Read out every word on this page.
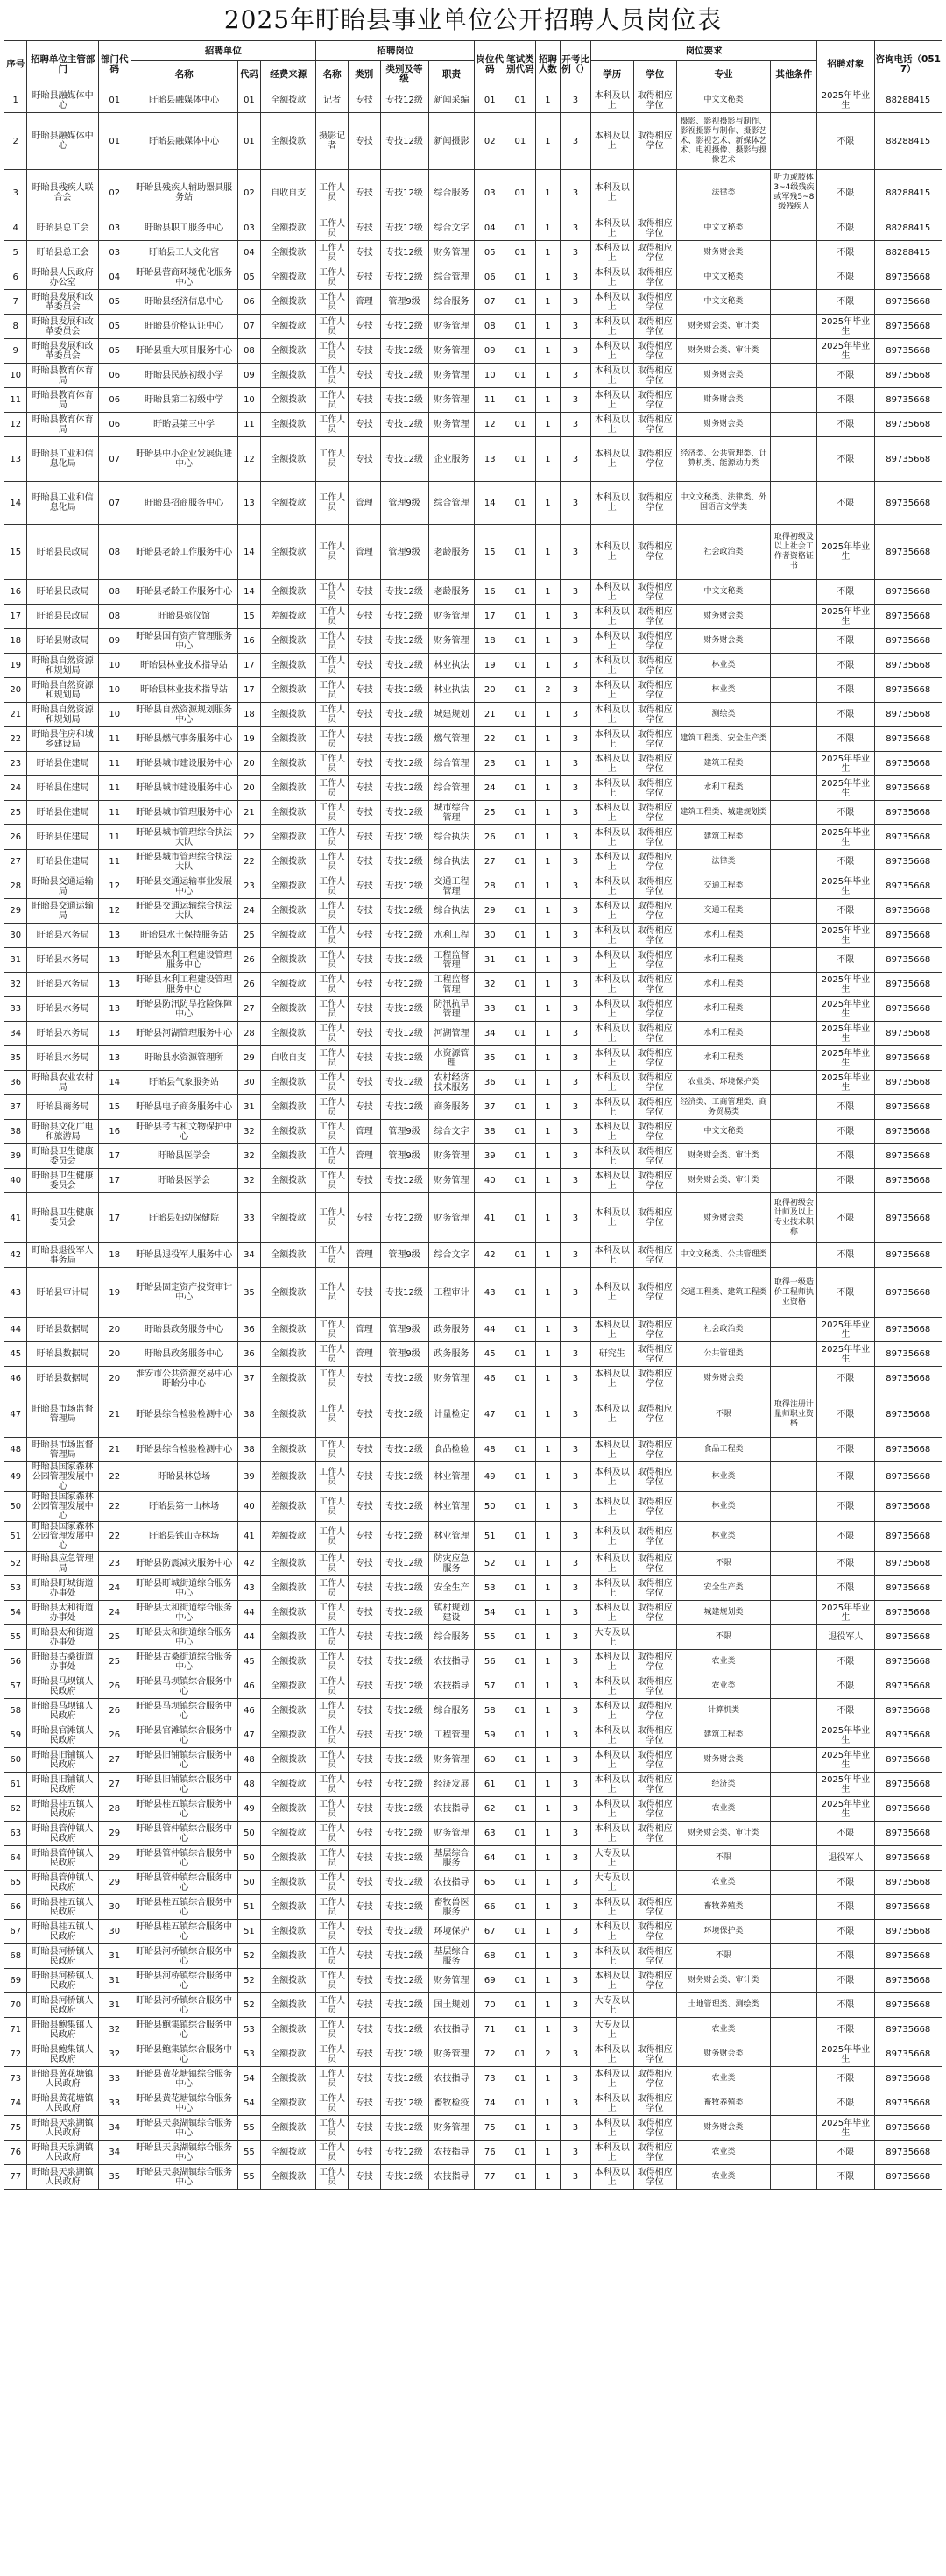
2025年盱眙县事业单位公开招聘人员岗位表
序号	招聘单位主管部门	部门代码	招聘单位			招聘岗位				岗位代码	笔试类别代码	招聘人数	开考比例（）	岗位要求				招聘对象	咨询电话（0517）
			名称	代码	经费来源	名称	类别	类别及等级	职责					学历	学位	专业	其他条件		
1	盱眙县融媒体中心	01	盱眙县融媒体中心	01	全额拨款	记者	专技	专技12级	新闻采编	01	01	1	3	本科及以上	取得相应学位	中文文秘类		2025年毕业生	88288415
2	盱眙县融媒体中心	01	盱眙县融媒体中心	01	全额拨款	摄影记者	专技	专技12级	新闻摄影	02	01	1	3	本科及以上	取得相应学位	摄影、影视摄影与制作、影视摄影与制作、摄影艺术、影视艺术、新媒体艺术、电视摄像、摄影与摄像艺术		不限	88288415
3	盱眙县残疾人联合会	02	盱眙县残疾人辅助器具服务站	02	自收自支	工作人员	专技	专技12级	综合服务	03	01	1	3	本科及以上		法律类	听力或肢体3~4级残疾或军残5~8级残疾人	不限	88288415
4	盱眙县总工会	03	盱眙县职工服务中心	03	全额拨款	工作人员	专技	专技12级	综合文字	04	01	1	3	本科及以上	取得相应学位	中文文秘类		不限	88288415
5	盱眙县总工会	03	盱眙县工人文化宫	04	全额拨款	工作人员	专技	专技12级	财务管理	05	01	1	3	本科及以上	取得相应学位	财务财会类		不限	88288415
6	盱眙县人民政府办公室	04	盱眙县营商环境优化服务中心	05	全额拨款	工作人员	专技	专技12级	综合管理	06	01	1	3	本科及以上	取得相应学位	中文文秘类		不限	89735668
7	盱眙县发展和改革委员会	05	盱眙县经济信息中心	06	全额拨款	工作人员	管理	管理9级	综合服务	07	01	1	3	本科及以上	取得相应学位	中文文秘类		不限	89735668
8	盱眙县发展和改革委员会	05	盱眙县价格认证中心	07	全额拨款	工作人员	专技	专技12级	财务管理	08	01	1	3	本科及以上	取得相应学位	财务财会类、审计类		2025年毕业生	89735668
9	盱眙县发展和改革委员会	05	盱眙县重大项目服务中心	08	全额拨款	工作人员	专技	专技12级	财务管理	09	01	1	3	本科及以上	取得相应学位	财务财会类、审计类		2025年毕业生	89735668
10	盱眙县教育体育局	06	盱眙县民族初级小学	09	全额拨款	工作人员	专技	专技12级	财务管理	10	01	1	3	本科及以上	取得相应学位	财务财会类		不限	89735668
11	盱眙县教育体育局	06	盱眙县第二初级中学	10	全额拨款	工作人员	专技	专技12级	财务管理	11	01	1	3	本科及以上	取得相应学位	财务财会类		不限	89735668
12	盱眙县教育体育局	06	盱眙县第三中学	11	全额拨款	工作人员	专技	专技12级	财务管理	12	01	1	3	本科及以上	取得相应学位	财务财会类		不限	89735668
13	盱眙县工业和信息化局	07	盱眙县中小企业发展促进中心	12	全额拨款	工作人员	专技	专技12级	企业服务	13	01	1	3	本科及以上	取得相应学位	经济类、公共管理类、计算机类、能源动力类		不限	89735668
14	盱眙县工业和信息化局	07	盱眙县招商服务中心	13	全额拨款	工作人员	管理	管理9级	综合管理	14	01	1	3	本科及以上	取得相应学位	中文文秘类、法律类、外国语言文学类		不限	89735668
15	盱眙县民政局	08	盱眙县老龄工作服务中心	14	全额拨款	工作人员	管理	管理9级	老龄服务	15	01	1	3	本科及以上	取得相应学位	社会政治类	取得初级及以上社会工作者资格证书	2025年毕业生	89735668
16	盱眙县民政局	08	盱眙县老龄工作服务中心	14	全额拨款	工作人员	专技	专技12级	老龄服务	16	01	1	3	本科及以上	取得相应学位	中文文秘类		不限	89735668
17	盱眙县民政局	08	盱眙县殡仪馆	15	差额拨款	工作人员	专技	专技12级	财务管理	17	01	1	3	本科及以上	取得相应学位	财务财会类		2025年毕业生	89735668
18	盱眙县财政局	09	盱眙县国有资产管理服务中心	16	全额拨款	工作人员	专技	专技12级	财务管理	18	01	1	3	本科及以上	取得相应学位	财务财会类		不限	89735668
19	盱眙县自然资源和规划局	10	盱眙县林业技术指导站	17	全额拨款	工作人员	专技	专技12级	林业执法	19	01	1	3	本科及以上	取得相应学位	林业类		不限	89735668
20	盱眙县自然资源和规划局	10	盱眙县林业技术指导站	17	全额拨款	工作人员	专技	专技12级	林业执法	20	01	2	3	本科及以上	取得相应学位	林业类		不限	89735668
21	盱眙县自然资源和规划局	10	盱眙县自然资源规划服务中心	18	全额拨款	工作人员	专技	专技12级	城建规划	21	01	1	3	本科及以上	取得相应学位	测绘类		不限	89735668
22	盱眙县住房和城乡建设局	11	盱眙县燃气事务服务中心	19	全额拨款	工作人员	专技	专技12级	燃气管理	22	01	1	3	本科及以上	取得相应学位	建筑工程类、安全生产类		不限	89735668
23	盱眙县住建局	11	盱眙县城市建设服务中心	20	全额拨款	工作人员	专技	专技12级	综合管理	23	01	1	3	本科及以上	取得相应学位	建筑工程类		2025年毕业生	89735668
24	盱眙县住建局	11	盱眙县城市建设服务中心	20	全额拨款	工作人员	专技	专技12级	综合管理	24	01	1	3	本科及以上	取得相应学位	水利工程类		2025年毕业生	89735668
25	盱眙县住建局	11	盱眙县城市管理服务中心	21	全额拨款	工作人员	专技	专技12级	城市综合管理	25	01	1	3	本科及以上	取得相应学位	建筑工程类、城建规划类		不限	89735668
26	盱眙县住建局	11	盱眙县城市管理综合执法大队	22	全额拨款	工作人员	专技	专技12级	综合执法	26	01	1	3	本科及以上	取得相应学位	建筑工程类		2025年毕业生	89735668
27	盱眙县住建局	11	盱眙县城市管理综合执法大队	22	全额拨款	工作人员	专技	专技12级	综合执法	27	01	1	3	本科及以上	取得相应学位	法律类		不限	89735668
28	盱眙县交通运输局	12	盱眙县交通运输事业发展中心	23	全额拨款	工作人员	专技	专技12级	交通工程管理	28	01	1	3	本科及以上	取得相应学位	交通工程类		2025年毕业生	89735668
29	盱眙县交通运输局	12	盱眙县交通运输综合执法大队	24	全额拨款	工作人员	专技	专技12级	综合执法	29	01	1	3	本科及以上	取得相应学位	交通工程类		不限	89735668
30	盱眙县水务局	13	盱眙县水土保持服务站	25	全额拨款	工作人员	专技	专技12级	水利工程	30	01	1	3	本科及以上	取得相应学位	水利工程类		2025年毕业生	89735668
31	盱眙县水务局	13	盱眙县水利工程建设管理服务中心	26	全额拨款	工作人员	专技	专技12级	工程监督管理	31	01	1	3	本科及以上	取得相应学位	水利工程类		不限	89735668
32	盱眙县水务局	13	盱眙县水利工程建设管理服务中心	26	全额拨款	工作人员	专技	专技12级	工程监督管理	32	01	1	3	本科及以上	取得相应学位	水利工程类		2025年毕业生	89735668
33	盱眙县水务局	13	盱眙县防汛防旱抢险保障中心	27	全额拨款	工作人员	专技	专技12级	防汛抗旱管理	33	01	1	3	本科及以上	取得相应学位	水利工程类		2025年毕业生	89735668
34	盱眙县水务局	13	盱眙县河湖管理服务中心	28	全额拨款	工作人员	专技	专技12级	河湖管理	34	01	1	3	本科及以上	取得相应学位	水利工程类		2025年毕业生	89735668
35	盱眙县水务局	13	盱眙县水资源管理所	29	自收自支	工作人员	专技	专技12级	水资源管理	35	01	1	3	本科及以上	取得相应学位	水利工程类		2025年毕业生	89735668
36	盱眙县农业农村局	14	盱眙县气象服务站	30	全额拨款	工作人员	专技	专技12级	农村经济技术服务	36	01	1	3	本科及以上	取得相应学位	农业类、环境保护类		2025年毕业生	89735668
37	盱眙县商务局	15	盱眙县电子商务服务中心	31	全额拨款	工作人员	专技	专技12级	商务服务	37	01	1	3	本科及以上	取得相应学位	经济类、工商管理类、商务贸易类		不限	89735668
38	盱眙县文化广电和旅游局	16	盱眙县考古和文物保护中心	32	全额拨款	工作人员	管理	管理9级	综合文字	38	01	1	3	本科及以上	取得相应学位	中文文秘类		不限	89735668
39	盱眙县卫生健康委员会	17	盱眙县医学会	32	全额拨款	工作人员	管理	管理9级	财务管理	39	01	1	3	本科及以上	取得相应学位	财务财会类、审计类		不限	89735668
40	盱眙县卫生健康委员会	17	盱眙县医学会	32	全额拨款	工作人员	专技	专技12级	财务管理	40	01	1	3	本科及以上	取得相应学位	财务财会类、审计类		不限	89735668
41	盱眙县卫生健康委员会	17	盱眙县妇幼保健院	33	全额拨款	工作人员	专技	专技12级	财务管理	41	01	1	3	本科及以上	取得相应学位	财务财会类	取得初级会计师及以上专业技术职称	不限	89735668
42	盱眙县退役军人事务局	18	盱眙县退役军人服务中心	34	全额拨款	工作人员	管理	管理9级	综合文字	42	01	1	3	本科及以上	取得相应学位	中文文秘类、公共管理类		不限	89735668
43	盱眙县审计局	19	盱眙县固定资产投资审计中心	35	全额拨款	工作人员	专技	专技12级	工程审计	43	01	1	3	本科及以上	取得相应学位	交通工程类、建筑工程类	取得一级造价工程师执业资格	不限	89735668
44	盱眙县数据局	20	盱眙县政务服务中心	36	全额拨款	工作人员	管理	管理9级	政务服务	44	01	1	3	本科及以上	取得相应学位	社会政治类		2025年毕业生	89735668
45	盱眙县数据局	20	盱眙县政务服务中心	36	全额拨款	工作人员	管理	管理9级	政务服务	45	01	1	3	研究生	取得相应学位	公共管理类		2025年毕业生	89735668
46	盱眙县数据局	20	淮安市公共资源交易中心盱眙分中心	37	全额拨款	工作人员	专技	专技12级	财务管理	46	01	1	3	本科及以上	取得相应学位	财务财会类		不限	89735668
47	盱眙县市场监督管理局	21	盱眙县综合检验检测中心	38	全额拨款	工作人员	专技	专技12级	计量检定	47	01	1	3	本科及以上	取得相应学位	不限	取得注册计量师职业资格	不限	89735668
48	盱眙县市场监督管理局	21	盱眙县综合检验检测中心	38	全额拨款	工作人员	专技	专技12级	食品检验	48	01	1	3	本科及以上	取得相应学位	食品工程类		不限	89735668
49	盱眙县国家森林公园管理发展中心	22	盱眙县林总场	39	差额拨款	工作人员	专技	专技12级	林业管理	49	01	1	3	本科及以上	取得相应学位	林业类		不限	89735668
50	盱眙县国家森林公园管理发展中心	22	盱眙县第一山林场	40	差额拨款	工作人员	专技	专技12级	林业管理	50	01	1	3	本科及以上	取得相应学位	林业类		不限	89735668
51	盱眙县国家森林公园管理发展中心	22	盱眙县铁山寺林场	41	差额拨款	工作人员	专技	专技12级	林业管理	51	01	1	3	本科及以上	取得相应学位	林业类		不限	89735668
52	盱眙县应急管理局	23	盱眙县防震减灾服务中心	42	全额拨款	工作人员	专技	专技12级	防灾应急服务	52	01	1	3	本科及以上	取得相应学位	不限		不限	89735668
53	盱眙县盱城街道办事处	24	盱眙县盱城街道综合服务中心	43	全额拨款	工作人员	专技	专技12级	安全生产	53	01	1	3	本科及以上	取得相应学位	安全生产类		不限	89735668
54	盱眙县太和街道办事处	24	盱眙县太和街道综合服务中心	44	全额拨款	工作人员	专技	专技12级	镇村规划建设	54	01	1	3	本科及以上	取得相应学位	城建规划类		2025年毕业生	89735668
55	盱眙县太和街道办事处	25	盱眙县太和街道综合服务中心	44	全额拨款	工作人员	专技	专技12级	综合服务	55	01	1	3	大专及以上		不限		退役军人	89735668
56	盱眙县古桑街道办事处	25	盱眙县古桑街道综合服务中心	45	全额拨款	工作人员	专技	专技12级	农技指导	56	01	1	3	本科及以上	取得相应学位	农业类		不限	89735668
57	盱眙县马坝镇人民政府	26	盱眙县马坝镇综合服务中心	46	全额拨款	工作人员	专技	专技12级	农技指导	57	01	1	3	本科及以上	取得相应学位	农业类		不限	89735668
58	盱眙县马坝镇人民政府	26	盱眙县马坝镇综合服务中心	46	全额拨款	工作人员	专技	专技12级	综合服务	58	01	1	3	本科及以上	取得相应学位	计算机类		不限	89735668
59	盱眙县官滩镇人民政府	26	盱眙县官滩镇综合服务中心	47	全额拨款	工作人员	专技	专技12级	工程管理	59	01	1	3	本科及以上	取得相应学位	建筑工程类		2025年毕业生	89735668
60	盱眙县旧铺镇人民政府	27	盱眙县旧铺镇综合服务中心	48	全额拨款	工作人员	专技	专技12级	财务管理	60	01	1	3	本科及以上	取得相应学位	财务财会类		2025年毕业生	89735668
61	盱眙县旧铺镇人民政府	27	盱眙县旧铺镇综合服务中心	48	全额拨款	工作人员	专技	专技12级	经济发展	61	01	1	3	本科及以上	取得相应学位	经济类		2025年毕业生	89735668
62	盱眙县桂五镇人民政府	28	盱眙县桂五镇综合服务中心	49	全额拨款	工作人员	专技	专技12级	农技指导	62	01	1	3	本科及以上	取得相应学位	农业类		2025年毕业生	89735668
63	盱眙县管仲镇人民政府	29	盱眙县管仲镇综合服务中心	50	全额拨款	工作人员	专技	专技12级	财务管理	63	01	1	3	本科及以上	取得相应学位	财务财会类、审计类		不限	89735668
64	盱眙县管仲镇人民政府	29	盱眙县管仲镇综合服务中心	50	全额拨款	工作人员	专技	专技12级	基层综合服务	64	01	1	3	大专及以上		不限		退役军人	89735668
65	盱眙县管仲镇人民政府	29	盱眙县管仲镇综合服务中心	50	全额拨款	工作人员	专技	专技12级	农技指导	65	01	1	3	大专及以上		农业类		不限	89735668
66	盱眙县桂五镇人民政府	30	盱眙县桂五镇综合服务中心	51	全额拨款	工作人员	专技	专技12级	畜牧兽医服务	66	01	1	3	本科及以上	取得相应学位	畜牧养殖类		不限	89735668
67	盱眙县桂五镇人民政府	30	盱眙县桂五镇综合服务中心	51	全额拨款	工作人员	专技	专技12级	环境保护	67	01	1	3	本科及以上	取得相应学位	环境保护类		不限	89735668
68	盱眙县河桥镇人民政府	31	盱眙县河桥镇综合服务中心	52	全额拨款	工作人员	专技	专技12级	基层综合服务	68	01	1	3	本科及以上	取得相应学位	不限		不限	89735668
69	盱眙县河桥镇人民政府	31	盱眙县河桥镇综合服务中心	52	全额拨款	工作人员	专技	专技12级	财务管理	69	01	1	3	本科及以上	取得相应学位	财务财会类、审计类		不限	89735668
70	盱眙县河桥镇人民政府	31	盱眙县河桥镇综合服务中心	52	全额拨款	工作人员	专技	专技12级	国土规划	70	01	1	3	大专及以上		土地管理类、测绘类		不限	89735668
71	盱眙县鲍集镇人民政府	32	盱眙县鲍集镇综合服务中心	53	全额拨款	工作人员	专技	专技12级	农技指导	71	01	1	3	大专及以上		农业类		不限	89735668
72	盱眙县鲍集镇人民政府	32	盱眙县鲍集镇综合服务中心	53	全额拨款	工作人员	专技	专技12级	财务管理	72	01	2	3	本科及以上	取得相应学位	财务财会类		2025年毕业生	89735668
73	盱眙县黄花塘镇人民政府	33	盱眙县黄花塘镇综合服务中心	54	全额拨款	工作人员	专技	专技12级	农技指导	73	01	1	3	本科及以上	取得相应学位	农业类		不限	89735668
74	盱眙县黄花塘镇人民政府	33	盱眙县黄花塘镇综合服务中心	54	全额拨款	工作人员	专技	专技12级	畜牧检疫	74	01	1	3	本科及以上	取得相应学位	畜牧养殖类		不限	89735668
75	盱眙县天泉湖镇人民政府	34	盱眙县天泉湖镇综合服务中心	55	全额拨款	工作人员	专技	专技12级	财务管理	75	01	1	3	本科及以上	取得相应学位	财务财会类		2025年毕业生	89735668
76	盱眙县天泉湖镇人民政府	34	盱眙县天泉湖镇综合服务中心	55	全额拨款	工作人员	专技	专技12级	农技指导	76	01	1	3	本科及以上	取得相应学位	农业类		不限	89735668
77	盱眙县天泉湖镇人民政府	35	盱眙县天泉湖镇综合服务中心	55	全额拨款	工作人员	专技	专技12级	农技指导	77	01	1	3	本科及以上	取得相应学位	农业类		不限	89735668
